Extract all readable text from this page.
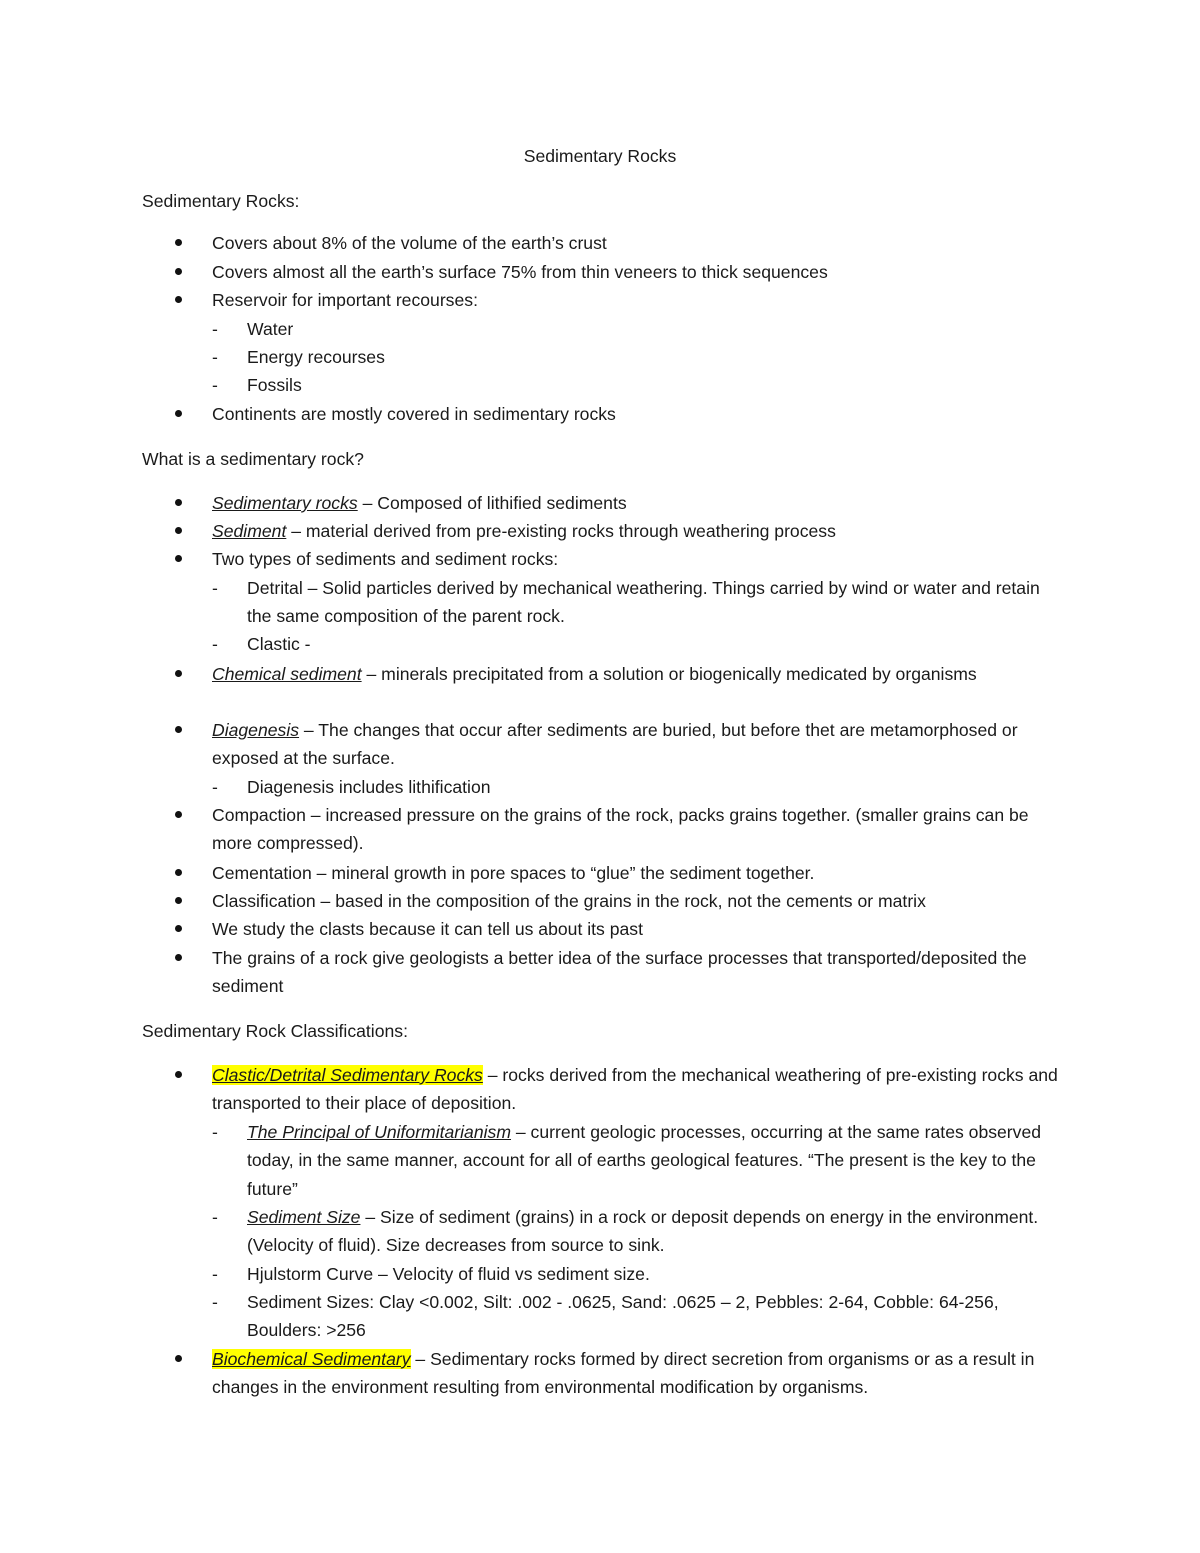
Sedimentary Rocks
Sedimentary Rocks:
Covers about 8% of the volume of the earth’s crust
Covers almost all the earth’s surface 75% from thin veneers to thick sequences
Reservoir for important recourses:
- Water
- Energy recourses
- Fossils
Continents are mostly covered in sedimentary rocks
What is a sedimentary rock?
Sedimentary rocks – Composed of lithified sediments
Sediment – material derived from pre-existing rocks through weathering process
Two types of sediments and sediment rocks:
- Detrital – Solid particles derived by mechanical weathering. Things carried by wind or water and retain the same composition of the parent rock.
- Clastic -
Chemical sediment – minerals precipitated from a solution or biogenically medicated by organisms
Diagenesis – The changes that occur after sediments are buried, but before thet are metamorphosed or exposed at the surface.
- Diagenesis includes lithification
Compaction – increased pressure on the grains of the rock, packs grains together. (smaller grains can be more compressed).
Cementation – mineral growth in pore spaces to “glue” the sediment together.
Classification – based in the composition of the grains in the rock, not the cements or matrix
We study the clasts because it can tell us about its past
The grains of a rock give geologists a better idea of the surface processes that transported/deposited the sediment
Sedimentary Rock Classifications:
Clastic/Detrital Sedimentary Rocks – rocks derived from the mechanical weathering of pre-existing rocks and transported to their place of deposition.
- The Principal of Uniformitarianism – current geologic processes, occurring at the same rates observed today, in the same manner, account for all of earths geological features. “The present is the key to the future”
- Sediment Size – Size of sediment (grains) in a rock or deposit depends on energy in the environment. (Velocity of fluid). Size decreases from source to sink.
- Hjulstorm Curve – Velocity of fluid vs sediment size.
- Sediment Sizes: Clay <0.002, Silt: .002 - .0625, Sand: .0625 – 2, Pebbles: 2-64, Cobble: 64-256, Boulders: >256
Biochemical Sedimentary – Sedimentary rocks formed by direct secretion from organisms or as a result in changes in the environment resulting from environmental modification by organisms.
